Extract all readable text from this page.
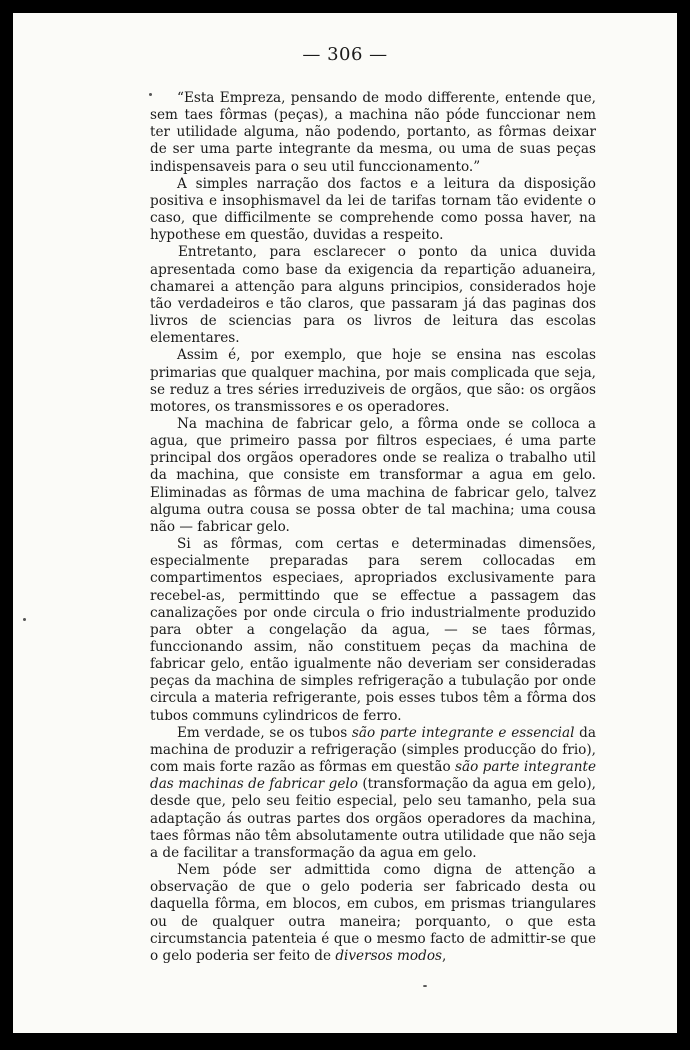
— 306 —

“Esta Empreza, pensando de modo differente, entende que, sem taes fôrmas (peças), a machina não póde funccionar nem ter utilidade alguma, não podendo, portanto, as fôrmas deixar de ser uma parte integrante da mesma, ou uma de suas peças indispensaveis para o seu util funccionamento.”

A simples narração dos factos e a leitura da disposição positiva e insophismavel da lei de tarifas tornam tão evidente o caso, que difficilmente se comprehende como possa haver, na hypothese em questão, duvidas a respeito.

Entretanto, para esclarecer o ponto da unica duvida apresentada como base da exigencia da repartição aduaneira, chamarei a attenção para alguns principios, considerados hoje tão verdadeiros e tão claros, que passaram já das paginas dos livros de sciencias para os livros de leitura das escolas elementares.

Assim é, por exemplo, que hoje se ensina nas escolas primarias que qualquer machina, por mais complicada que seja, se reduz a tres séries irreduziveis de orgãos, que são: os orgãos motores, os transmissores e os operadores.

Na machina de fabricar gelo, a fôrma onde se colloca a agua, que primeiro passa por filtros especiaes, é uma parte principal dos orgãos operadores onde se realiza o trabalho util da machina, que consiste em transformar a agua em gelo. Eliminadas as fôrmas de uma machina de fabricar gelo, talvez alguma outra cousa se possa obter de tal machina; uma cousa não — fabricar gelo.

Si as fôrmas, com certas e determinadas dimensões, especialmente preparadas para serem collocadas em compartimentos especiaes, apropriados exclusivamente para recebel-as, permittindo que se effectue a passagem das canalizações por onde circula o frio industrialmente produzido para obter a congelação da agua, — se taes fôrmas, funccionando assim, não constituem peças da machina de fabricar gelo, então igualmente não deveriam ser consideradas peças da machina de simples refrigeração a tubulação por onde circula a materia refrigerante, pois esses tubos têm a fôrma dos tubos communs cylindricos de ferro.

Em verdade, se os tubos são parte integrante e essencial da machina de produzir a refrigeração (simples producção do frio), com mais forte razão as fôrmas em questão são parte integrante das machinas de fabricar gelo (transformação da agua em gelo), desde que, pelo seu feitio especial, pelo seu tamanho, pela sua adaptação ás outras partes dos orgãos operadores da machina, taes fôrmas não têm absolutamente outra utilidade que não seja a de facilitar a transformação da agua em gelo.

Nem póde ser admittida como digna de attenção a observação de que o gelo poderia ser fabricado desta ou daquella fôrma, em blocos, em cubos, em prismas triangulares ou de qualquer outra maneira; porquanto, o que esta circumstancia patenteia é que o mesmo facto de admittir-se que o gelo poderia ser feito de diversos modos,
